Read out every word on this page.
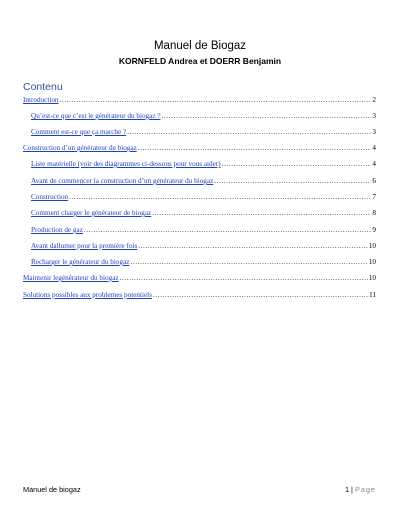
Manuel de Biogaz
KORNFELD Andrea et DOERR Benjamin
Contenu
Introduction .....	2
Qu’est-ce que c’est le générateur du biogaz ? .....	3
Comment est-ce que ça marche ? .....	3
Construction d’un générateur de biogaz .....	4
Liste matérielle (voir des diagrammes ci-dessous pour vous aider) .....	4
Avant de commencer la construction d’un générateur du biogaz .....	6
Construction .....	7
Comment charger le générateur de biogaz .....	8
Production de gaz .....	9
Avant dallumer pour la première fois .....	10
Recharger le générateur du biogaz .....	10
Maintenir legénérateur du biogaz .....	10
Solutions possibles aux problemes potentiels .....	11
Manuel de biogaz	1 | Page
